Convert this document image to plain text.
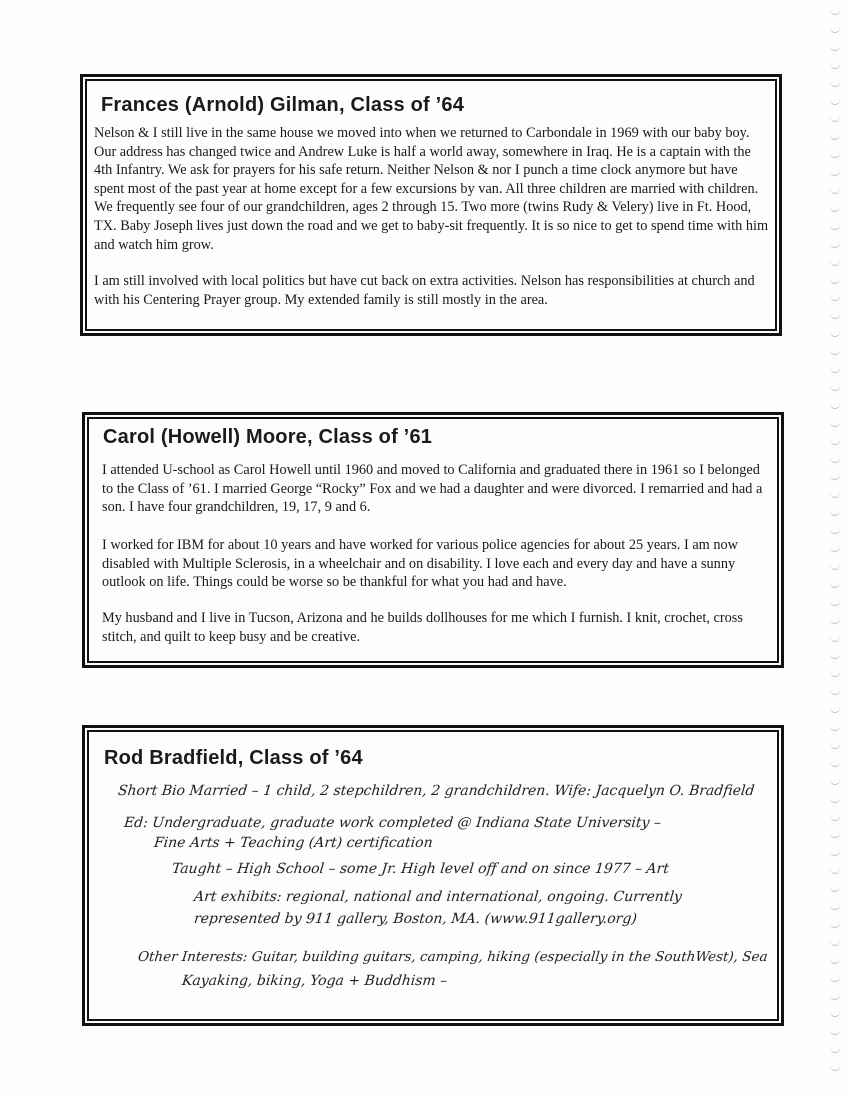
Frances (Arnold) Gilman, Class of ’64

Nelson & I still live in the same house we moved into when we returned to Carbondale in 1969 with our baby boy. Our address has changed twice and Andrew Luke is half a world away, somewhere in Iraq. He is a captain with the 4th Infantry. We ask for prayers for his safe return. Neither Nelson & nor I punch a time clock anymore but have spent most of the past year at home except for a few excursions by van. All three children are married with children. We frequently see four of our grandchildren, ages 2 through 15. Two more (twins Rudy & Velery) live in Ft. Hood, TX. Baby Joseph lives just down the road and we get to baby-sit frequently. It is so nice to get to spend time with him and watch him grow.

I am still involved with local politics but have cut back on extra activities. Nelson has responsibilities at church and with his Centering Prayer group. My extended family is still mostly in the area.

Carol (Howell) Moore, Class of ’61

I attended U-school as Carol Howell until 1960 and moved to California and graduated there in 1961 so I belonged to the Class of ’61. I married George “Rocky” Fox and we had a daughter and were divorced. I remarried and had a son. I have four grandchildren, 19, 17, 9 and 6.

I worked for IBM for about 10 years and have worked for various police agencies for about 25 years. I am now disabled with Multiple Sclerosis, in a wheelchair and on disability. I love each and every day and have a sunny outlook on life. Things could be worse so be thankful for what you had and have.

My husband and I live in Tucson, Arizona and he builds dollhouses for me which I furnish. I knit, crochet, cross stitch, and quilt to keep busy and be creative.

Rod Bradfield, Class of ’64
Short Bio Married – 1 child, 2 stepchildren, 2 grandchildren. Wife: Jacquelyn O. Bradfield
Ed: Undergraduate, graduate work completed @ Indiana State University –
Fine Arts + Teaching (Art) certification
Taught – High School – some Jr. High level off and on since 1977 – Art
Art exhibits: regional, national and international, ongoing. Currently
represented by 911 gallery, Boston, MA. (www.911gallery.org)
Other Interests: Guitar, building guitars, camping, hiking (especially in the SouthWest), Sea
Kayaking, biking, Yoga + Buddhism –
